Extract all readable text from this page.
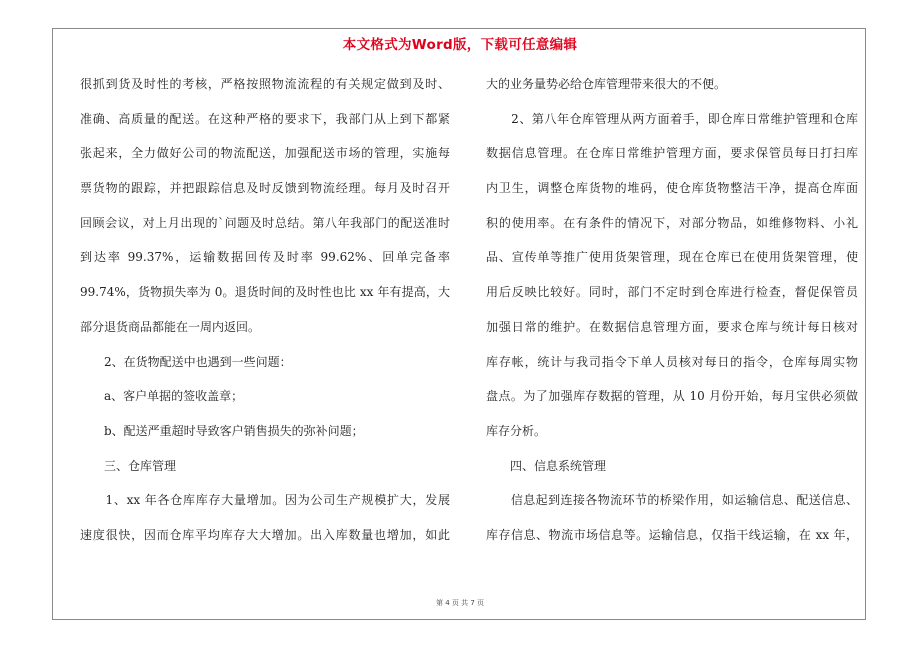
本文格式为Word版，下载可任意编辑
很抓到货及时性的考核，严格按照物流流程的有关规定做到及时、
准确、高质量的配送。在这种严格的要求下，我部门从上到下都紧
张起来，全力做好公司的物流配送，加强配送市场的管理，实施每
票货物的跟踪，并把跟踪信息及时反馈到物流经理。每月及时召开
回顾会议，对上月出现的`问题及时总结。第八年我部门的配送准时
到达率 99.37%，运输数据回传及时率 99.62%、回单完备率
99.74%，货物损失率为 0。退货时间的及时性也比 xx 年有提高，大
部分退货商品都能在一周内返回。
　　2、在货物配送中也遇到一些问题：
　　a、客户单据的签收盖章；
　　b、配送严重超时导致客户销售损失的弥补问题；
　　三、仓库管理
　　1、xx 年各仓库库存大量增加。因为公司生产规模扩大，发展
速度很快，因而仓库平均库存大大增加。出入库数量也增加，如此
大的业务量势必给仓库管理带来很大的不便。
　　2、第八年仓库管理从两方面着手，即仓库日常维护管理和仓库
数据信息管理。在仓库日常维护管理方面，要求保管员每日打扫库
内卫生，调整仓库货物的堆码，使仓库货物整洁干净，提高仓库面
积的使用率。在有条件的情况下，对部分物品，如维修物料、小礼
品、宣传单等推广使用货架管理，现在仓库已在使用货架管理，使
用后反映比较好。同时，部门不定时到仓库进行检查，督促保管员
加强日常的维护。在数据信息管理方面，要求仓库与统计每日核对
库存帐，统计与我司指令下单人员核对每日的指令，仓库每周实物
盘点。为了加强库存数据的管理，从 10 月份开始，每月宝供必须做
库存分析。
　　四、信息系统管理
　　信息起到连接各物流环节的桥梁作用，如运输信息、配送信息、
库存信息、物流市场信息等。运输信息，仅指干线运输，在 xx 年，
第 4 页 共 7 页
